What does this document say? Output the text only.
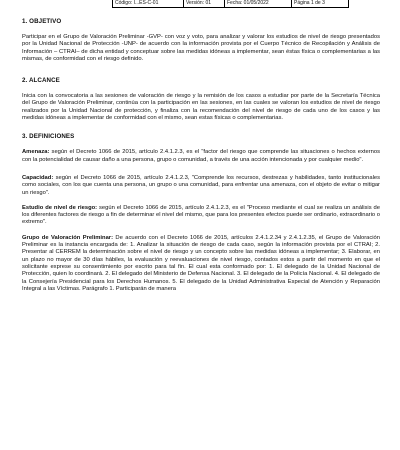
Código: I...ES-C-01	Versión: 01	Fecha: 01/05/2022	Página 1 de 3

1. OBJETIVO

Participar en el Grupo de Valoración Preliminar -GVP- con voz y voto, para analizar y valorar los estudios de nivel de riesgo presentados por la Unidad Nacional de Protección -UNP- de acuerdo con la información provista por el Cuerpo Técnico de Recopilación y Análisis de Información – CTRAI– de dicha entidad y conceptuar sobre las medidas idóneas a implementar, sean éstas física o complementarias a las mismas, de conformidad con el riesgo definido.

2. ALCANCE

Inicia con la convocatoria a las sesiones de valoración de riesgo y la remisión de los casos a estudiar por parte de la Secretaría Técnica del Grupo de Valoración Preliminar, continúa con la participación en las sesiones, en las cuales se valoran los estudios de nivel de riesgo realizados por la Unidad Nacional de protección, y finaliza con la recomendación del nivel de riesgo de cada uno de los casos y las medidas idóneas a implementar de conformidad con el mismo, sean estas físicas o complementarias.

3. DEFINICIONES

Amenaza: según el Decreto 1066 de 2015, artículo 2.4.1.2.3, es el "factor del riesgo que comprende las situaciones o hechos externos con la potencialidad de causar daño a una persona, grupo o comunidad, a través de una acción intencionada y por cualquier medio".

Capacidad: según el Decreto 1066 de 2015, artículo 2.4.1.2.3, "Comprende los recursos, destrezas y habilidades, tanto institucionales como sociales, con los que cuenta una persona, un grupo o una comunidad, para enfrentar una amenaza, con el objeto de evitar o mitigar un riesgo".

Estudio de nivel de riesgo: según el Decreto 1066 de 2015, artículo 2.4.1.2.3, es el "Proceso mediante el cual se realiza un análisis de los diferentes factores de riesgo a fin de determinar el nivel del mismo, que para los presentes efectos puede ser ordinario, extraordinario o extremo".

Grupo de Valoración Preliminar: De acuerdo con el Decreto 1066 de 2015, artículos 2.4.1.2.34 y 2.4.1.2.35, el Grupo de Valoración Preliminar es la instancia encargada de: 1. Analizar la situación de riesgo de cada caso, según la información provista por el CTRAI; 2. Presentar al CERREM la determinación sobre el nivel de riesgo y un concepto sobre las medidas idóneas a implementar; 3. Elaborar, en un plazo no mayor de 30 días hábiles, la evaluación y reevaluaciones de nivel riesgo, contados estos a partir del momento en que el solicitante exprese su consentimiento por escrito para tal fin. El cual esta conformado por: 1. El delegado de la Unidad Nacional de Protección, quien lo coordinará. 2. El delegado del Ministerio de Defensa Nacional. 3. El delegado de la Policía Nacional. 4. El delegado de la Consejería Presidencial para los Derechos Humanos. 5. El delegado de la Unidad Administrativa Especial de Atención y Reparación Integral a las Víctimas. Parágrafo 1. Participarán de manera
